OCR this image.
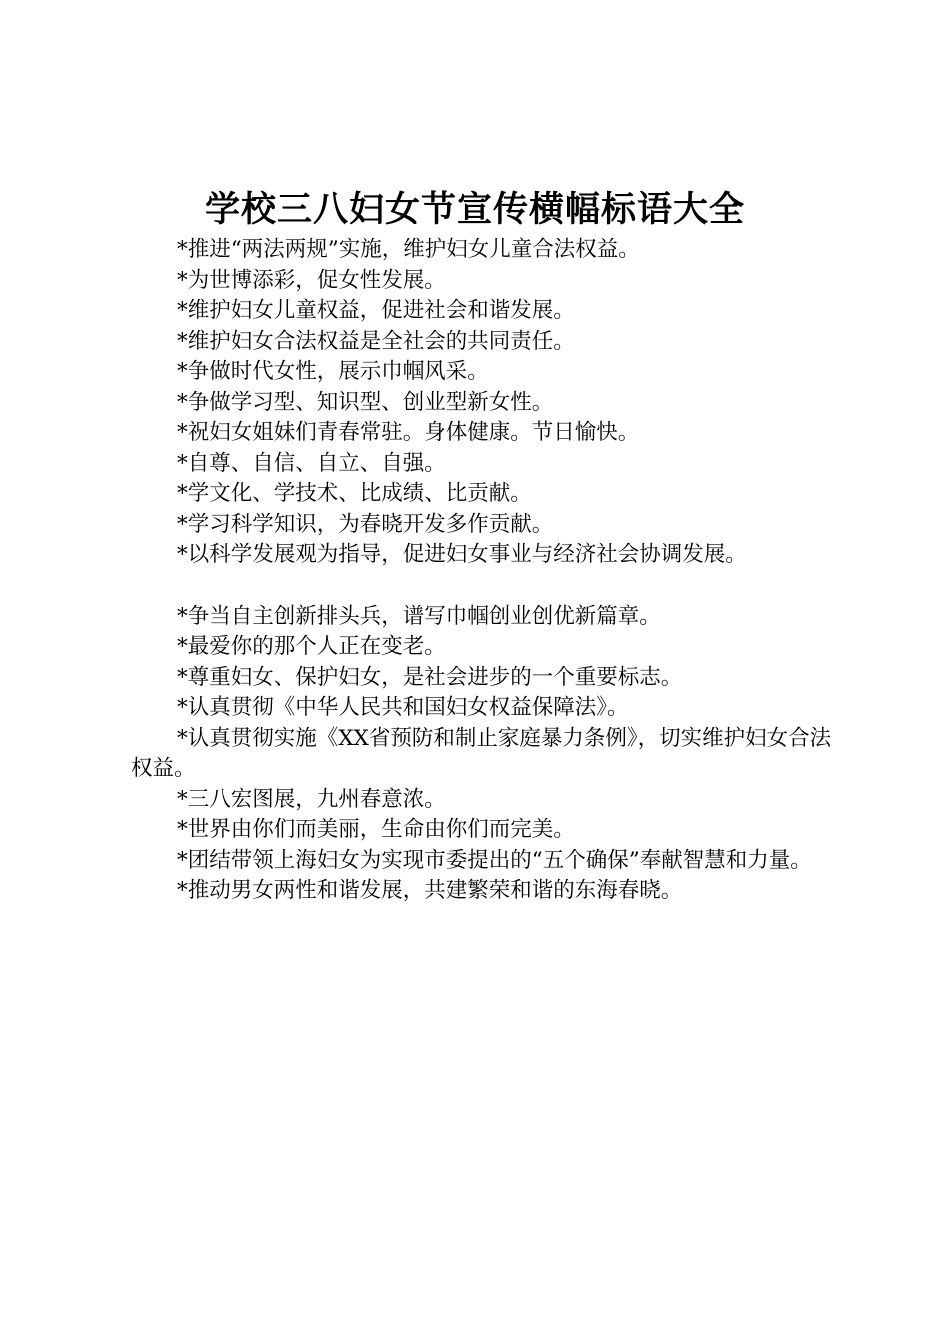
学校三八妇女节宣传横幅标语大全
*推进“两法两规”实施，维护妇女儿童合法权益。
*为世博添彩，促女性发展。
*维护妇女儿童权益，促进社会和谐发展。
*维护妇女合法权益是全社会的共同责任。
*争做时代女性，展示巾帼风采。
*争做学习型、知识型、创业型新女性。
*祝妇女姐妹们青春常驻。身体健康。节日愉快。
*自尊、自信、自立、自强。
*学文化、学技术、比成绩、比贡献。
*学习科学知识，为春晓开发多作贡献。
*以科学发展观为指导，促进妇女事业与经济社会协调发展。
*争当自主创新排头兵，谱写巾帼创业创优新篇章。
*最爱你的那个人正在变老。
*尊重妇女、保护妇女，是社会进步的一个重要标志。
*认真贯彻《中华人民共和国妇女权益保障法》。
*认真贯彻实施《XX省预防和制止家庭暴力条例》，切实维护妇女合法权益。
*三八宏图展，九州春意浓。
*世界由你们而美丽，生命由你们而完美。
*团结带领上海妇女为实现市委提出的“五个确保”奉献智慧和力量。
*推动男女两性和谐发展，共建繁荣和谐的东海春晓。
